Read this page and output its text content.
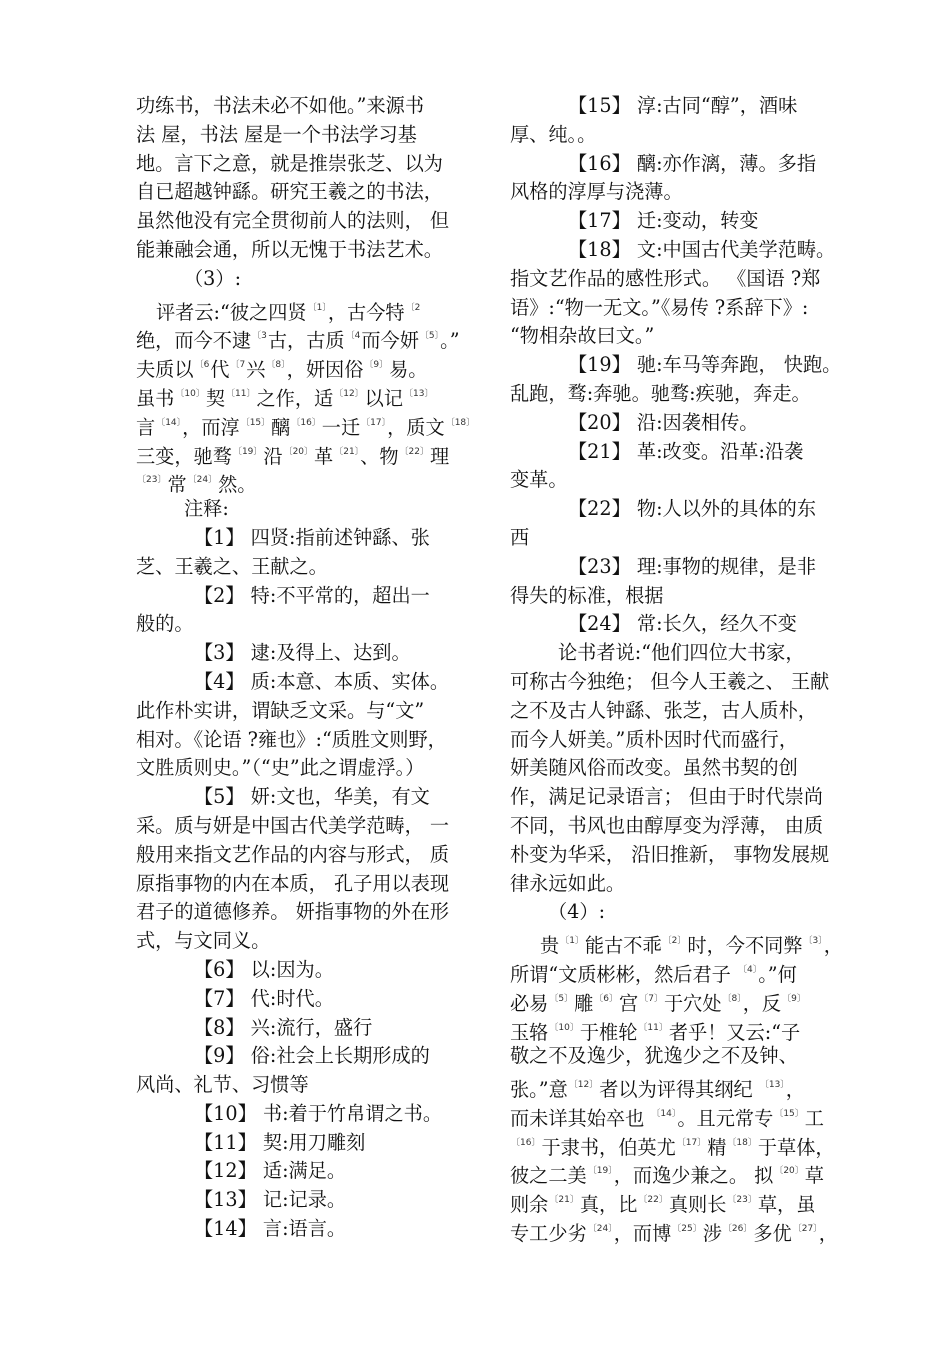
功练书，书法未必不如他。”来源书
法 屋，书法 屋是一个书法学习基
地。言下之意，就是推崇张芝、以为
自已超越钟繇。研究王羲之的书法，
虽然他没有完全贯彻前人的法则， 但
能兼融会通，所以无愧于书法艺术。
（3）:
评者云:“彼之四贤$^{〔1〕}$，古今特$^{〔2}$
绝，而今不逮$^{〔3}$古，古质$^{〔4}$而今妍$^{〔5〕}$。”
夫质以$^{〔6}$代$^{〔7}$兴$^{〔8〕}$，妍因俗$^{〔9〕}$易。
虽书$^{〔10〕}$契$^{〔11〕}$之作，适$^{〔12〕}$以记$^{〔13〕}$
言$^{〔14〕}$，而淳$^{〔15〕}$醨$^{〔16〕}$一迁$^{〔17〕}$，质文$^{〔18〕}$
三变，驰骛$^{〔19〕}$沿$^{〔20〕}$革$^{〔21〕}$、物$^{〔22〕}$理
$^{〔23〕}$常$^{〔24〕}$然。
注释:
【1】 四贤:指前述钟繇、张
芝、王羲之、王献之。
【2】 特:不平常的，超出一
般的。
【3】 逮:及得上、达到。
【4】 质:本意、本质、实体。
此作朴实讲，谓缺乏文采。与“文”
相对。《论语 ?雍也》:“质胜文则野，
文胜质则史。”（“史”此之谓虚浮。）
【5】 妍:文也，华美，有文
采。质与妍是中国古代美学范畴， 一
般用来指文艺作品的内容与形式， 质
原指事物的内在本质， 孔子用以表现
君子的道德修养。 妍指事物的外在形
式，与文同义。
【6】 以:因为。
【7】 代:时代。
【8】 兴:流行，盛行
【9】 俗:社会上长期形成的
风尚、礼节、习惯等
【10】 书:着于竹帛谓之书。
【11】 契:用刀雕刻
【12】 适:满足。
【13】 记:记录。
【14】 言:语言。
【15】 淳:古同“醇”，酒味
厚、纯。。
【16】 醨:亦作漓，薄。多指
风格的淳厚与浇薄。
【17】 迁:变动，转变
【18】 文:中国古代美学范畴。
指文艺作品的感性形式。 《国语 ?郑
语》:“物一无文。”《易传 ?系辞下》:
“物相杂故曰文。”
【19】 驰:车马等奔跑， 快跑。
乱跑，骛:奔驰。驰骛:疾驰，奔走。
【20】 沿:因袭相传。
【21】 革:改变。沿革:沿袭
变革。
【22】 物:人以外的具体的东
西
【23】 理:事物的规律，是非
得失的标准，根据
【24】 常:长久，经久不变
论书者说:“他们四位大书家，
可称古今独绝； 但今人王羲之、 王献
之不及古人钟繇、张芝，古人质朴，
而今人妍美。”质朴因时代而盛行，
妍美随风俗而改变。虽然书契的创
作，满足记录语言； 但由于时代崇尚
不同，书风也由醇厚变为浮薄， 由质
朴变为华采， 沿旧推新， 事物发展规
律永远如此。
（4）:
贵$^{〔1〕}$能古不乖$^{〔2〕}$时，今不同弊$^{〔3〕}$，
所谓“文质彬彬，然后君子 $^{〔4〕}$。”何
必易$^{〔5〕}$雕$^{〔6〕}$宫$^{〔7〕}$于穴处$^{〔8〕}$，反$^{〔9〕}$
玉辂$^{〔10〕}$于椎轮$^{〔11〕}$者乎！又云:“子
敬之不及逸少，犹逸少之不及钟、
张。”意$^{〔12〕}$者以为评得其纲纪 $^{〔13〕}$，
而未详其始卒也 $^{〔14〕}$。且元常专$^{〔15〕}$工
$^{〔16〕}$于隶书，伯英尤$^{〔17〕}$精$^{〔18〕}$于草体，
彼之二美$^{〔19〕}$，而逸少兼之。 拟$^{〔20〕}$草
则余$^{〔21〕}$真，比$^{〔22〕}$真则长$^{〔23〕}$草，虽
专工少劣$^{〔24〕}$，而博$^{〔25〕}$涉$^{〔26〕}$多优$^{〔27〕}$，
